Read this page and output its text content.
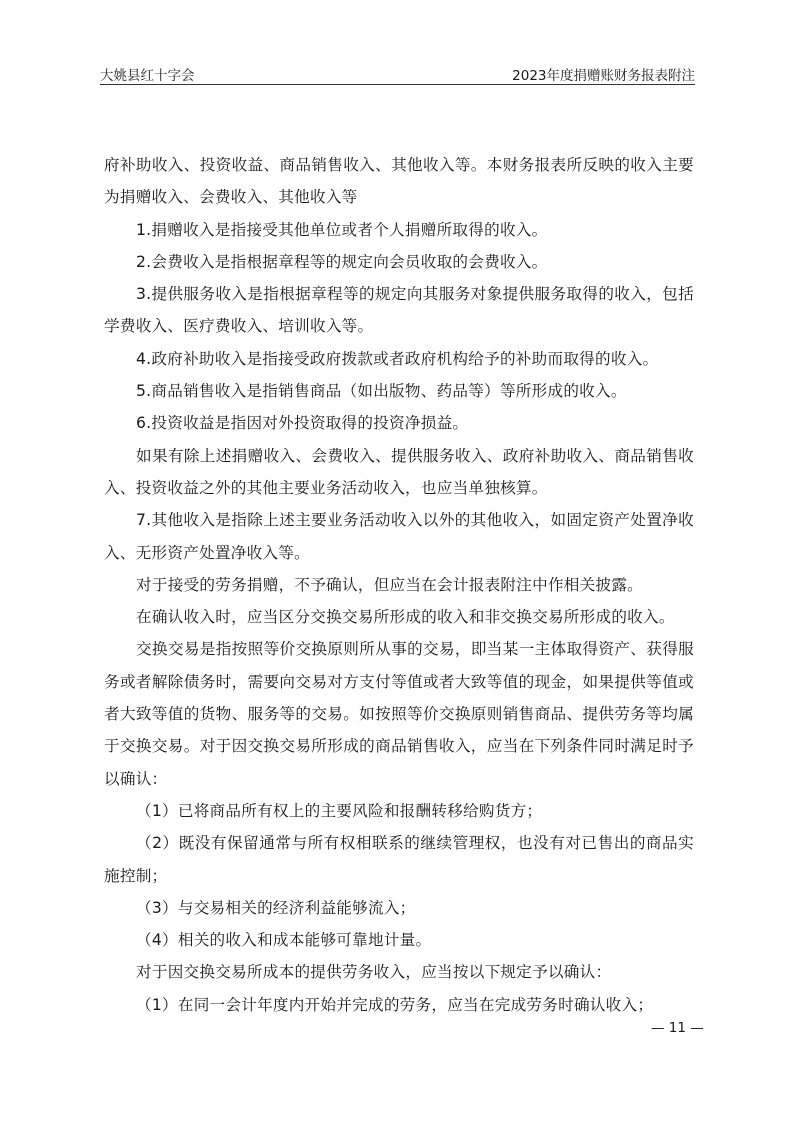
大姚县红十字会	2023年度捐赠账财务报表附注

府补助收入、投资收益、商品销售收入、其他收入等。本财务报表所反映的收入主要为捐赠收入、会费收入、其他收入等

1.捐赠收入是指接受其他单位或者个人捐赠所取得的收入。

2.会费收入是指根据章程等的规定向会员收取的会费收入。

3.提供服务收入是指根据章程等的规定向其服务对象提供服务取得的收入，包括学费收入、医疗费收入、培训收入等。

4.政府补助收入是指接受政府拨款或者政府机构给予的补助而取得的收入。

5.商品销售收入是指销售商品（如出版物、药品等）等所形成的收入。

6.投资收益是指因对外投资取得的投资净损益。

如果有除上述捐赠收入、会费收入、提供服务收入、政府补助收入、商品销售收入、投资收益之外的其他主要业务活动收入，也应当单独核算。

7.其他收入是指除上述主要业务活动收入以外的其他收入，如固定资产处置净收入、无形资产处置净收入等。

对于接受的劳务捐赠，不予确认，但应当在会计报表附注中作相关披露。

在确认收入时，应当区分交换交易所形成的收入和非交换交易所形成的收入。

交换交易是指按照等价交换原则所从事的交易，即当某一主体取得资产、获得服务或者解除债务时，需要向交易对方支付等值或者大致等值的现金，如果提供等值或者大致等值的货物、服务等的交易。如按照等价交换原则销售商品、提供劳务等均属于交换交易。对于因交换交易所形成的商品销售收入，应当在下列条件同时满足时予以确认：

（1）已将商品所有权上的主要风险和报酬转移给购货方；

（2）既没有保留通常与所有权相联系的继续管理权，也没有对已售出的商品实施控制；

（3）与交易相关的经济利益能够流入；

（4）相关的收入和成本能够可靠地计量。

对于因交换交易所成本的提供劳务收入，应当按以下规定予以确认：

（1）在同一会计年度内开始并完成的劳务，应当在完成劳务时确认收入；

— 11 —
